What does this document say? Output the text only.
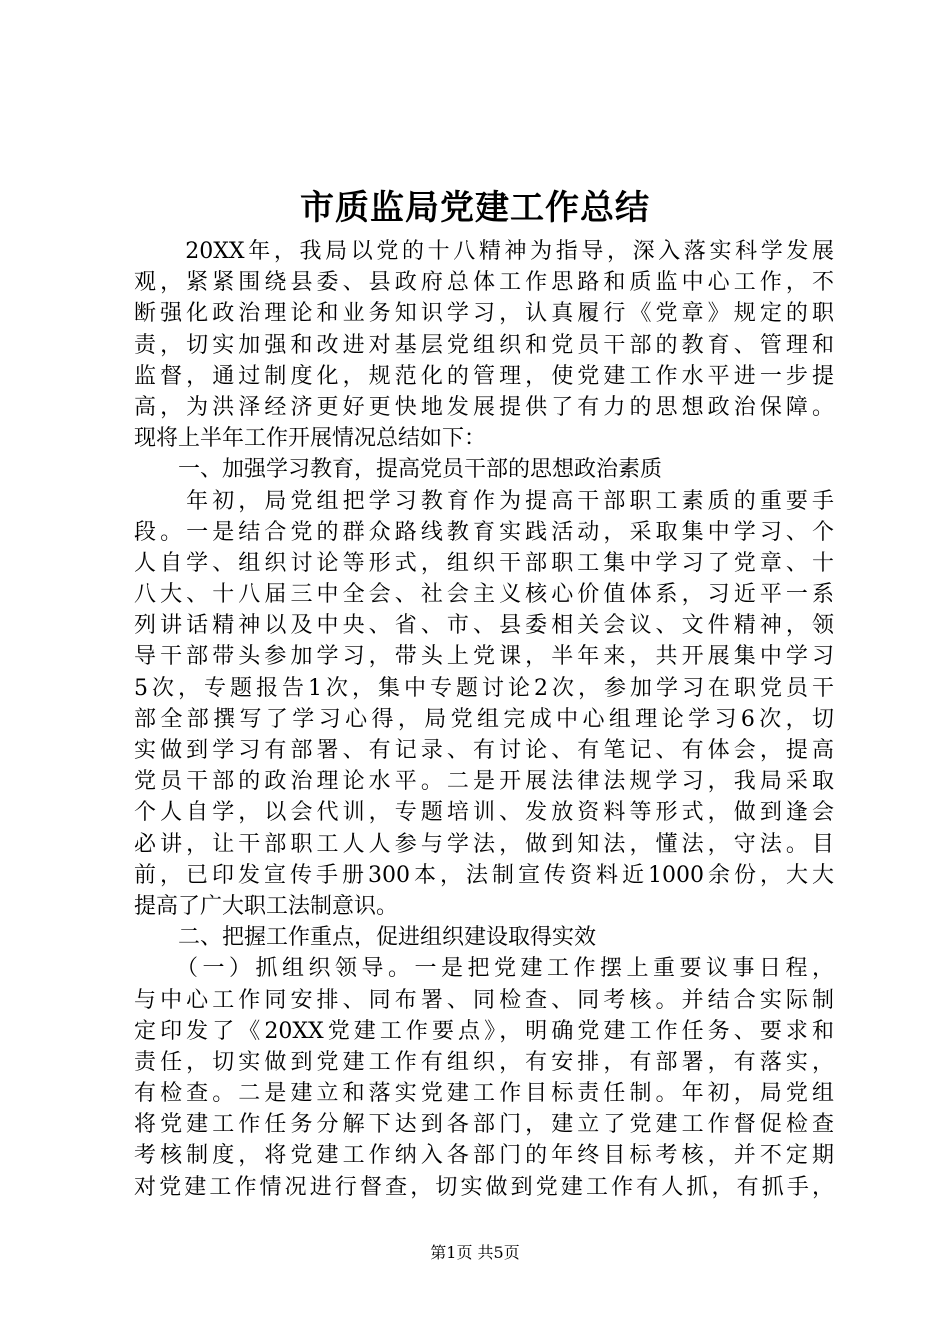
市质监局党建工作总结
　　20XX年，我局以党的十八精神为指导，深入落实科学发展
观，紧紧围绕县委、县政府总体工作思路和质监中心工作，不
断强化政治理论和业务知识学习，认真履行《党章》规定的职
责，切实加强和改进对基层党组织和党员干部的教育、管理和
监督，通过制度化，规范化的管理，使党建工作水平进一步提
高，为洪泽经济更好更快地发展提供了有力的思想政治保障。
现将上半年工作开展情况总结如下：
　　一、加强学习教育，提高党员干部的思想政治素质
　　年初，局党组把学习教育作为提高干部职工素质的重要手
段。一是结合党的群众路线教育实践活动，采取集中学习、个
人自学、组织讨论等形式，组织干部职工集中学习了党章、十
八大、十八届三中全会、社会主义核心价值体系，习近平一系
列讲话精神以及中央、省、市、县委相关会议、文件精神，领
导干部带头参加学习，带头上党课，半年来，共开展集中学习
5次，专题报告1次，集中专题讨论2次，参加学习在职党员干
部全部撰写了学习心得，局党组完成中心组理论学习6次，切
实做到学习有部署、有记录、有讨论、有笔记、有体会，提高
党员干部的政治理论水平。二是开展法律法规学习，我局采取
个人自学，以会代训，专题培训、发放资料等形式，做到逢会
必讲，让干部职工人人参与学法，做到知法，懂法，守法。目
前，已印发宣传手册300本，法制宣传资料近1000余份，大大
提高了广大职工法制意识。
　　二、把握工作重点，促进组织建设取得实效
　　（一）抓组织领导。一是把党建工作摆上重要议事日程，
与中心工作同安排、同布署、同检查、同考核。并结合实际制
定印发了《20XX党建工作要点》，明确党建工作任务、要求和
责任，切实做到党建工作有组织，有安排，有部署，有落实，
有检查。二是建立和落实党建工作目标责任制。年初，局党组
将党建工作任务分解下达到各部门，建立了党建工作督促检查
考核制度，将党建工作纳入各部门的年终目标考核，并不定期
对党建工作情况进行督查，切实做到党建工作有人抓，有抓手，
第1页 共5页
